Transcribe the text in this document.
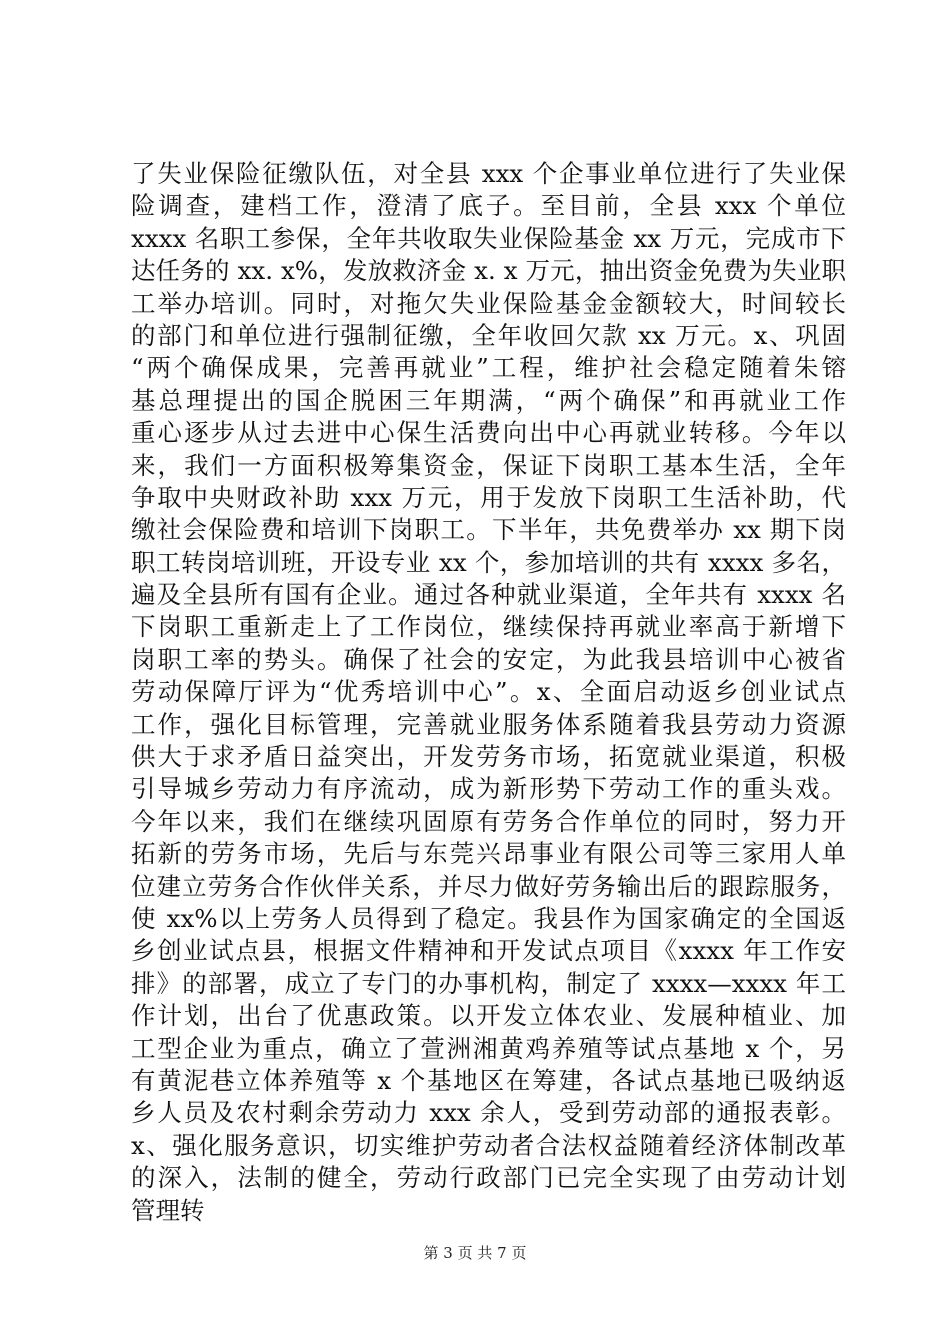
了失业保险征缴队伍，对全县 xxx 个企事业单位进行了失业保
险调查，建档工作，澄清了底子。至目前，全县 xxx 个单位
xxxx 名职工参保，全年共收取失业保险基金 xx 万元，完成市下
达任务的 xx. x%，发放救济金 x. x 万元，抽出资金免费为失业职
工举办培训。同时，对拖欠失业保险基金金额较大，时间较长
的部门和单位进行强制征缴，全年收回欠款 xx 万元。x、巩固
“两个确保成果，完善再就业”工程，维护社会稳定随着朱镕
基总理提出的国企脱困三年期满，“两个确保”和再就业工作
重心逐步从过去进中心保生活费向出中心再就业转移。今年以
来，我们一方面积极筹集资金，保证下岗职工基本生活，全年
争取中央财政补助 xxx 万元，用于发放下岗职工生活补助，代
缴社会保险费和培训下岗职工。下半年，共免费举办 xx 期下岗
职工转岗培训班，开设专业 xx 个，参加培训的共有 xxxx 多名，
遍及全县所有国有企业。通过各种就业渠道，全年共有 xxxx 名
下岗职工重新走上了工作岗位，继续保持再就业率高于新增下
岗职工率的势头。确保了社会的安定，为此我县培训中心被省
劳动保障厅评为“优秀培训中心”。x、全面启动返乡创业试点
工作，强化目标管理，完善就业服务体系随着我县劳动力资源
供大于求矛盾日益突出，开发劳务市场，拓宽就业渠道，积极
引导城乡劳动力有序流动，成为新形势下劳动工作的重头戏。
今年以来，我们在继续巩固原有劳务合作单位的同时，努力开
拓新的劳务市场，先后与东莞兴昂事业有限公司等三家用人单
位建立劳务合作伙伴关系，并尽力做好劳务输出后的跟踪服务，
使 xx%以上劳务人员得到了稳定。我县作为国家确定的全国返
乡创业试点县，根据文件精神和开发试点项目《xxxx 年工作安
排》的部署，成立了专门的办事机构，制定了 xxxx—xxxx 年工
作计划，出台了优惠政策。以开发立体农业、发展种植业、加
工型企业为重点，确立了萱洲湘黄鸡养殖等试点基地 x 个，另
有黄泥巷立体养殖等 x 个基地区在筹建，各试点基地已吸纳返
乡人员及农村剩余劳动力 xxx 余人，受到劳动部的通报表彰。
x、强化服务意识，切实维护劳动者合法权益随着经济体制改革
的深入，法制的健全，劳动行政部门已完全实现了由劳动计划
管理转
第 3 页 共 7 页
